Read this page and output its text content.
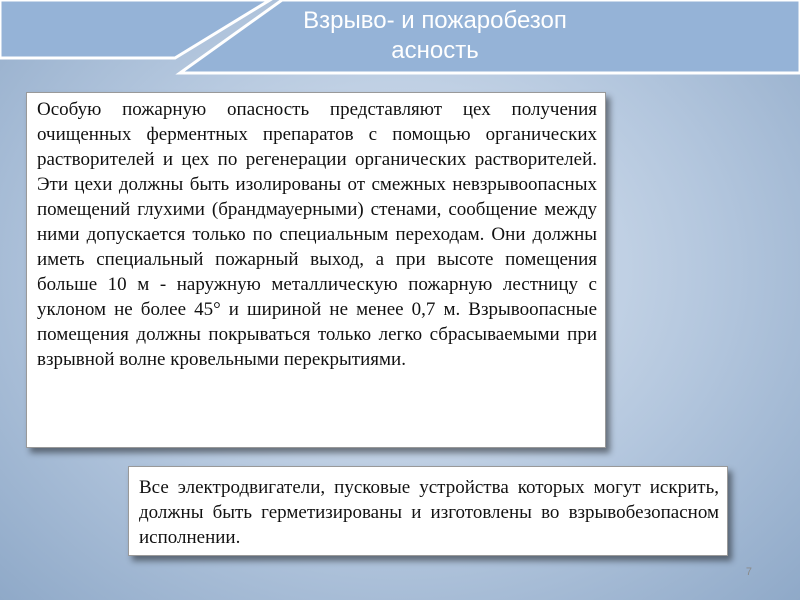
Взрыво- и пожаробезопасность

Особую пожарную опасность представляют цех получения очищенных ферментных препаратов с помощью органических растворителей и цех по регенерации органических растворителей. Эти цехи должны быть изолированы от смежных невзрывоопасных помещений глухими (брандмауерными) стенами, сообщение между ними допускается только по специальным переходам. Они должны иметь специальный пожарный выход, а при высоте помещения больше 10 м - наружную металлическую пожарную лестницу с уклоном не более 45° и шириной не менее 0,7 м. Взрывоопасные помещения должны покрываться только легко сбрасываемыми при взрывной волне кровельными перекрытиями.

Все электродвигатели, пусковые устройства которых могут искрить, должны быть герметизированы и изготовлены во взрывобезопасном исполнении.

7
